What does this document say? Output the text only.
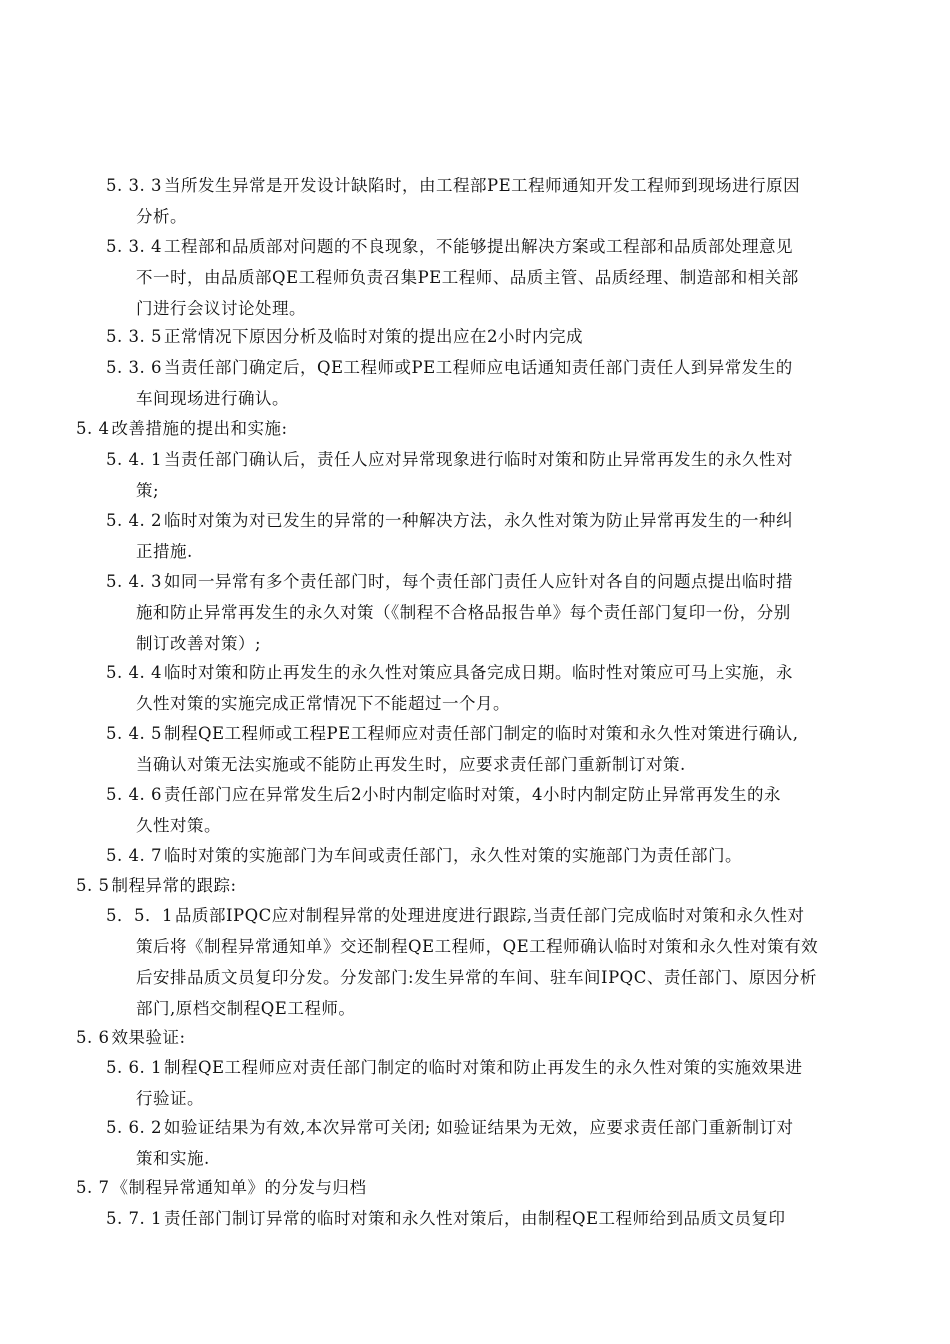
5. 3. 3 当所发生异常是开发设计缺陷时，由工程部PE工程师通知开发工程师到现场进行原因
分析。
5. 3. 4 工程部和品质部对问题的不良现象，不能够提出解决方案或工程部和品质部处理意见
不一时，由品质部QE工程师负责召集PE工程师、品质主管、品质经理、制造部和相关部
门进行会议讨论处理。
5. 3. 5 正常情况下原因分析及临时对策的提出应在2小时内完成
5. 3. 6 当责任部门确定后，QE工程师或PE工程师应电话通知责任部门责任人到异常发生的
车间现场进行确认。
5. 4 改善措施的提出和实施:
5. 4. 1 当责任部门确认后，责任人应对异常现象进行临时对策和防止异常再发生的永久性对
策;
5. 4. 2 临时对策为对已发生的异常的一种解决方法，永久性对策为防止异常再发生的一种纠
正措施.
5. 4. 3 如同一异常有多个责任部门时，每个责任部门责任人应针对各自的问题点提出临时措
施和防止异常再发生的永久对策（《制程不合格品报告单》每个责任部门复印一份，分别
制订改善对策）;
5. 4. 4 临时对策和防止再发生的永久性对策应具备完成日期。临时性对策应可马上实施，永
久性对策的实施完成正常情况下不能超过一个月。
5. 4. 5 制程QE工程师或工程PE工程师应对责任部门制定的临时对策和永久性对策进行确认,
当确认对策无法实施或不能防止再发生时，应要求责任部门重新制订对策.
5. 4. 6 责任部门应在异常发生后2小时内制定临时对策，4小时内制定防止异常再发生的永
久性对策。
5. 4. 7 临时对策的实施部门为车间或责任部门，永久性对策的实施部门为责任部门。
5. 5 制程异常的跟踪:
5．5．1 品质部IPQC应对制程异常的处理进度进行跟踪,当责任部门完成临时对策和永久性对
策后将《制程异常通知单》交还制程QE工程师，QE工程师确认临时对策和永久性对策有效
后安排品质文员复印分发。分发部门:发生异常的车间、驻车间IPQC、责任部门、原因分析
部门,原档交制程QE工程师。
5. 6 效果验证:
5. 6. 1 制程QE工程师应对责任部门制定的临时对策和防止再发生的永久性对策的实施效果进
行验证。
5. 6. 2 如验证结果为有效,本次异常可关闭; 如验证结果为无效，应要求责任部门重新制订对
策和实施.
5. 7 《制程异常通知单》的分发与归档
5. 7. 1 责任部门制订异常的临时对策和永久性对策后，由制程QE工程师给到品质文员复印
